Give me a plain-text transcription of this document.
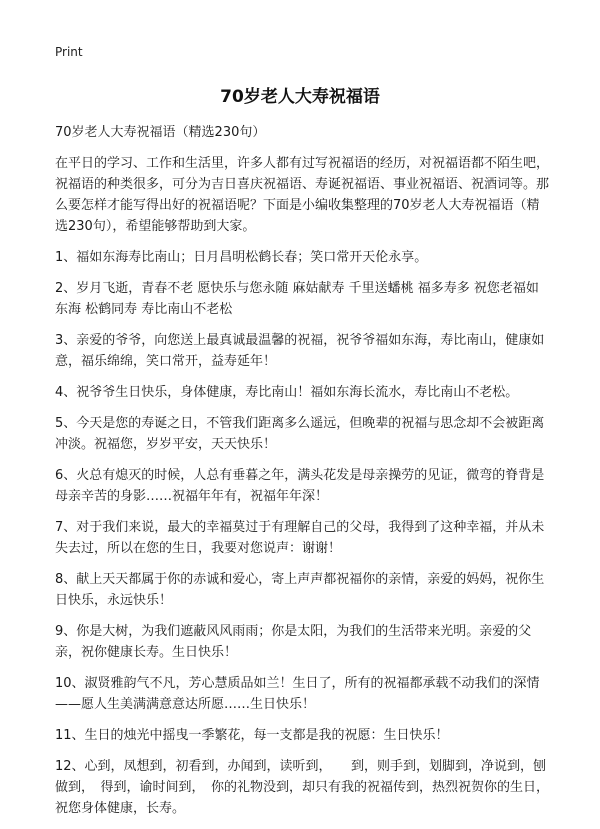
Print
70岁老人大寿祝福语

70岁老人大寿祝福语（精选230句）

在平日的学习、工作和生活里，许多人都有过写祝福语的经历，对祝福语都不陌生吧，祝福语的种类很多，可分为吉日喜庆祝福语、寿诞祝福语、事业祝福语、祝酒词等。那么要怎样才能写得出好的祝福语呢？下面是小编收集整理的70岁老人大寿祝福语（精选230句），希望能够帮助到大家。

1、福如东海寿比南山；日月昌明松鹤长春；笑口常开天伦永享。
2、岁月飞逝，青春不老 愿快乐与您永随 麻姑献寿 千里送蟠桃 福多寿多 祝您老福如东海 松鹤同寿 寿比南山不老松
3、亲爱的爷爷，向您送上最真诚最温馨的祝福，祝爷爷福如东海，寿比南山，健康如意，福乐绵绵，笑口常开，益寿延年！
4、祝爷爷生日快乐，身体健康，寿比南山！福如东海长流水，寿比南山不老松。
5、今天是您的寿诞之日，不管我们距离多么遥远，但晚辈的祝福与思念却不会被距离冲淡。祝福您，岁岁平安，天天快乐！
6、火总有熄灭的时候，人总有垂暮之年，满头花发是母亲操劳的见证，微弯的脊背是母亲辛苦的身影……祝福年年有，祝福年年深！
7、对于我们来说，最大的幸福莫过于有理解自己的父母，我得到了这种幸福，并从未失去过，所以在您的生日，我要对您说声：谢谢！
8、献上天天都属于你的赤诚和爱心，寄上声声都祝福你的亲情，亲爱的妈妈，祝你生日快乐，永远快乐！
9、你是大树，为我们遮蔽风风雨雨；你是太阳，为我们的生活带来光明。亲爱的父亲，祝你健康长寿。生日快乐！
10、淑贤雅韵气不凡，芳心慧质品如兰！生日了，所有的祝福都承载不动我们的深情——愿人生美满满意意达所愿……生日快乐！
11、生日的烛光中摇曳一季繁花，每一支都是我的祝愿：生日快乐！
12、心到，凤想到，初看到，办闻到，读听到，　　到，则手到，划脚到，净说到，刨做到，　得到，谕时间到，　你的礼物没到，却只有我的祝福传到，热烈祝贺你的生日，祝您身体健康，长寿。
